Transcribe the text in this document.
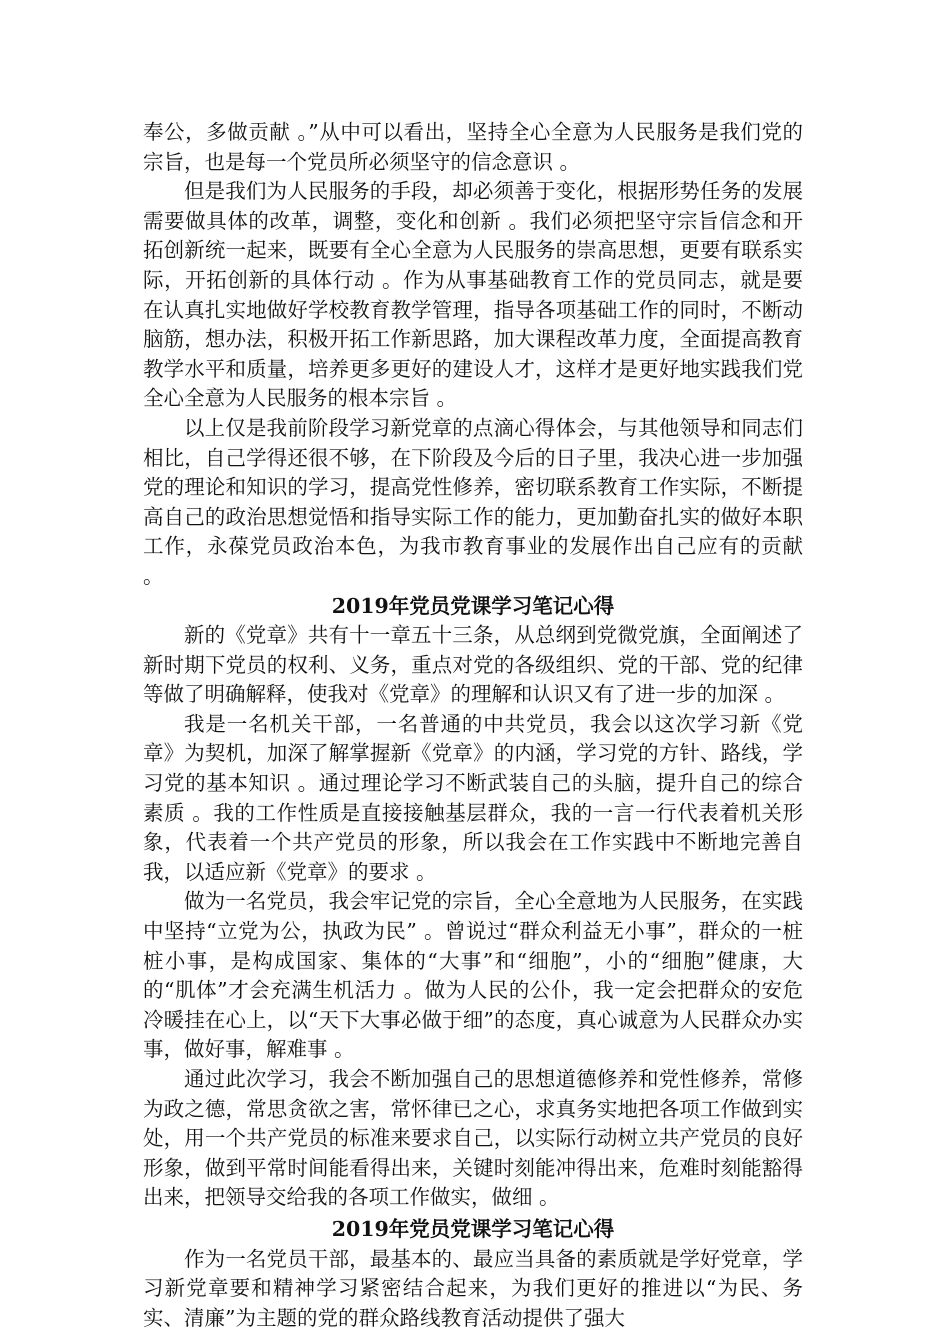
奉公，多做贡献 。”从中可以看出，坚持全心全意为人民服务是我们党的宗旨，也是每一个党员所必须坚守的信念意识 。

但是我们为人民服务的手段，却必须善于变化，根据形势任务的发展需要做具体的改革，调整，变化和创新 。我们必须把坚守宗旨信念和开拓创新统一起来，既要有全心全意为人民服务的崇高思想，更要有联系实际，开拓创新的具体行动 。作为从事基础教育工作的党员同志，就是要在认真扎实地做好学校教育教学管理，指导各项基础工作的同时，不断动脑筋，想办法，积极开拓工作新思路，加大课程改革力度，全面提高教育教学水平和质量，培养更多更好的建设人才，这样才是更好地实践我们党全心全意为人民服务的根本宗旨 。

以上仅是我前阶段学习新党章的点滴心得体会，与其他领导和同志们相比，自己学得还很不够，在下阶段及今后的日子里，我决心进一步加强党的理论和知识的学习，提高党性修养，密切联系教育工作实际，不断提高自己的政治思想觉悟和指导实际工作的能力，更加勤奋扎实的做好本职工作，永葆党员政治本色，为我市教育事业的发展作出自己应有的贡献 。

2019年党员党课学习笔记心得

新的《党章》共有十一章五十三条，从总纲到党微党旗，全面阐述了新时期下党员的权利、义务，重点对党的各级组织、党的干部、党的纪律等做了明确解释，使我对《党章》的理解和认识又有了进一步的加深 。

我是一名机关干部，一名普通的中共党员，我会以这次学习新《党章》为契机，加深了解掌握新《党章》的内涵，学习党的方针、路线，学习党的基本知识 。通过理论学习不断武装自己的头脑，提升自己的综合素质 。我的工作性质是直接接触基层群众，我的一言一行代表着机关形象，代表着一个共产党员的形象，所以我会在工作实践中不断地完善自我，以适应新《党章》的要求 。

做为一名党员，我会牢记党的宗旨，全心全意地为人民服务，在实践中坚持“立党为公，执政为民” 。曾说过“群众利益无小事”，群众的一桩桩小事，是构成国家、集体的“大事”和“细胞”，小的“细胞”健康，大的“肌体”才会充满生机活力 。做为人民的公仆，我一定会把群众的安危冷暖挂在心上，以“天下大事必做于细”的态度，真心诚意为人民群众办实事，做好事，解难事 。

通过此次学习，我会不断加强自己的思想道德修养和党性修养，常修为政之德，常思贪欲之害，常怀律已之心，求真务实地把各项工作做到实处，用一个共产党员的标准来要求自己，以实际行动树立共产党员的良好形象，做到平常时间能看得出来，关键时刻能冲得出来，危难时刻能豁得出来，把领导交给我的各项工作做实，做细 。

2019年党员党课学习笔记心得

作为一名党员干部，最基本的、最应当具备的素质就是学好党章，学习新党章要和精神学习紧密结合起来，为我们更好的推进以“为民、务实、清廉”为主题的党的群众路线教育活动提供了强大
